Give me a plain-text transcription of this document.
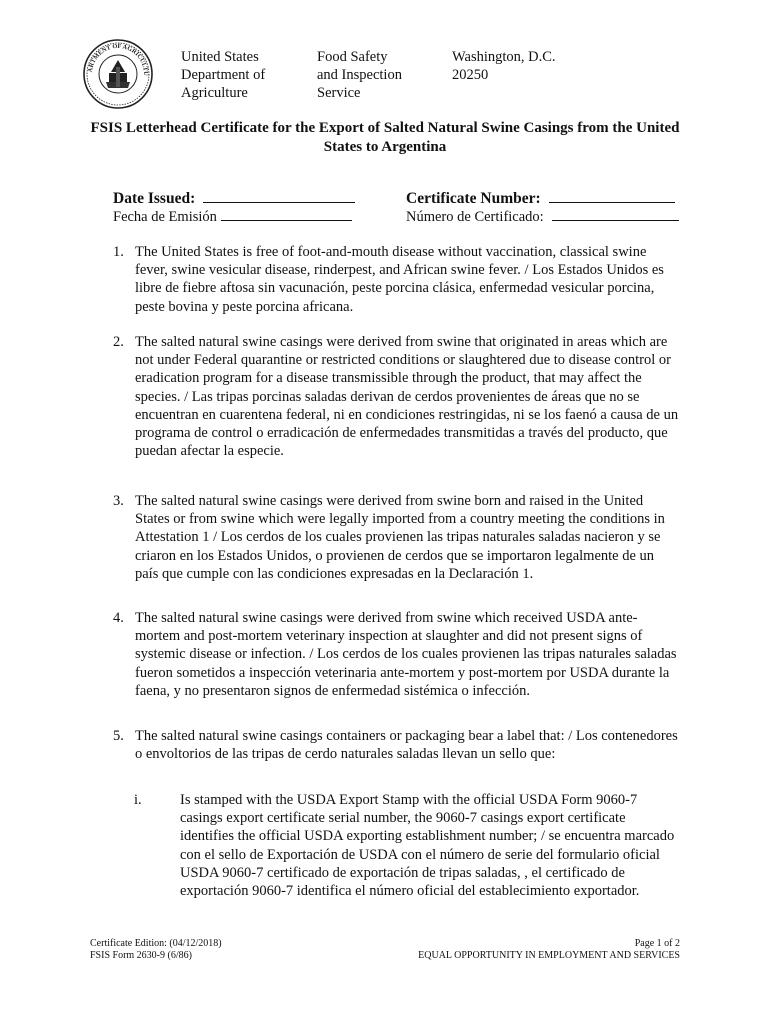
ARTMENT OF AGRICULTU
United States
Department of
Agriculture
Food Safety
and Inspection
Service
Washington, D.C.
20250
FSIS Letterhead Certificate for the Export of Salted Natural Swine Casings from the United States to Argentina
Date Issued:
Fecha de Emisión
Certificate Number:
Número de Certificado:
1. The United States is free of foot-and-mouth disease without vaccination, classical swine fever, swine vesicular disease, rinderpest, and African swine fever. / Los Estados Unidos es libre de fiebre aftosa sin vacunación, peste porcina clásica, enfermedad vesicular porcina, peste bovina y peste porcina africana.
2. The salted natural swine casings were derived from swine that originated in areas which are not under Federal quarantine or restricted conditions or slaughtered due to disease control or eradication program for a disease transmissible through the product, that may affect the species. / Las tripas porcinas saladas derivan de cerdos provenientes de áreas que no se encuentran en cuarentena federal, ni en condiciones restringidas, ni se los faenó a causa de un programa de control o erradicación de enfermedades transmitidas a través del producto, que puedan afectar la especie.
3. The salted natural swine casings were derived from swine born and raised in the United States or from swine which were legally imported from a country meeting the conditions in Attestation 1 / Los cerdos de los cuales provienen las tripas naturales saladas nacieron y se criaron en los Estados Unidos, o provienen de cerdos que se importaron legalmente de un país que cumple con las condiciones expresadas en la Declaración 1.
4. The salted natural swine casings were derived from swine which received USDA ante-mortem and post-mortem veterinary inspection at slaughter and did not present signs of systemic disease or infection. / Los cerdos de los cuales provienen las tripas naturales saladas fueron sometidos a inspección veterinaria ante-mortem y post-mortem por USDA durante la faena, y no presentaron signos de enfermedad sistémica o infección.
5. The salted natural swine casings containers or packaging bear a label that: / Los contenedores o envoltorios de las tripas de cerdo naturales saladas llevan un sello que:
i.	Is stamped with the USDA Export Stamp with the official USDA Form 9060-7 casings export certificate serial number, the 9060-7 casings export certificate identifies the official USDA exporting establishment number; / se encuentra marcado con el sello de Exportación de USDA con el número de serie del formulario oficial USDA 9060-7 certificado de exportación de tripas saladas, , el certificado de exportación 9060-7 identifica el número oficial del establecimiento exportador.
Certificate Edition: (04/12/2018)
FSIS Form 2630-9 (6/86)
Page 1 of 2
EQUAL OPPORTUNITY IN EMPLOYMENT AND SERVICES
